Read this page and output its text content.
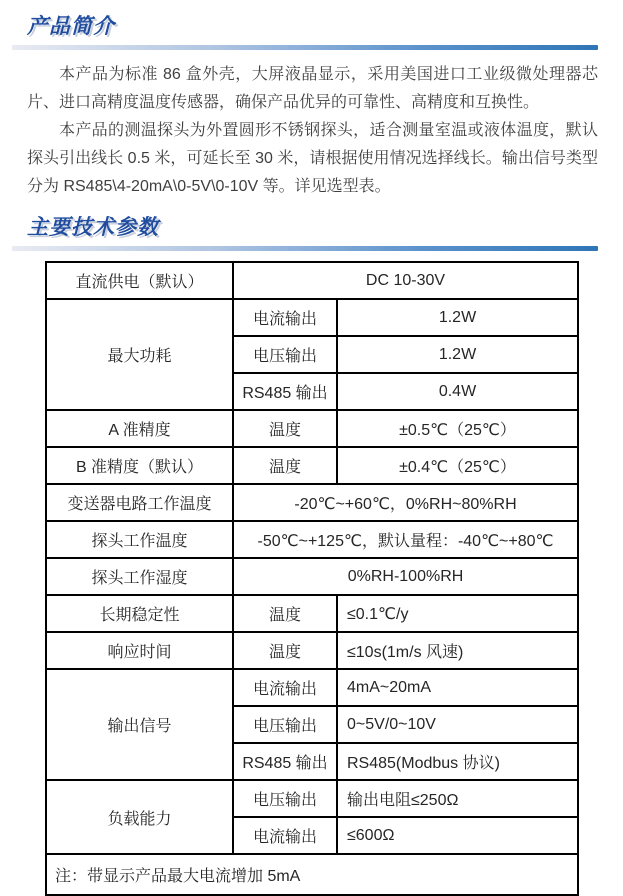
产品简介

本产品为标准 86 盒外壳，大屏液晶显示，采用美国进口工业级微处理器芯片、进口高精度温度传感器，确保产品优异的可靠性、高精度和互换性。

本产品的测温探头为外置圆形不锈钢探头，适合测量室温或液体温度，默认探头引出线长 0.5 米，可延长至 30 米，请根据使用情况选择线长。输出信号类型分为 RS485\4-20mA\0-5V\0-10V 等。详见选型表。

主要技术参数
直流供电（默认）	DC 10-30V	
最大功耗	电流输出	1.2W
	电压输出	1.2W
	RS485 输出	0.4W
A 准精度	温度	±0.5℃（25℃）
B 准精度（默认）	温度	±0.4℃（25℃）
变送器电路工作温度	-20℃~+60℃，0%RH~80%RH	
探头工作温度	-50℃~+125℃，默认量程：-40℃~+80℃	
探头工作湿度	0%RH-100%RH	
长期稳定性	温度	≤0.1℃/y
响应时间	温度	≤10s(1m/s 风速)
输出信号	电流输出	4mA~20mA
	电压输出	0~5V/0~10V
	RS485 输出	RS485(Modbus 协议)
负载能力	电压输出	输出电阻≤250Ω
	电流输出	≤600Ω
注：带显示产品最大电流增加 5mA		
